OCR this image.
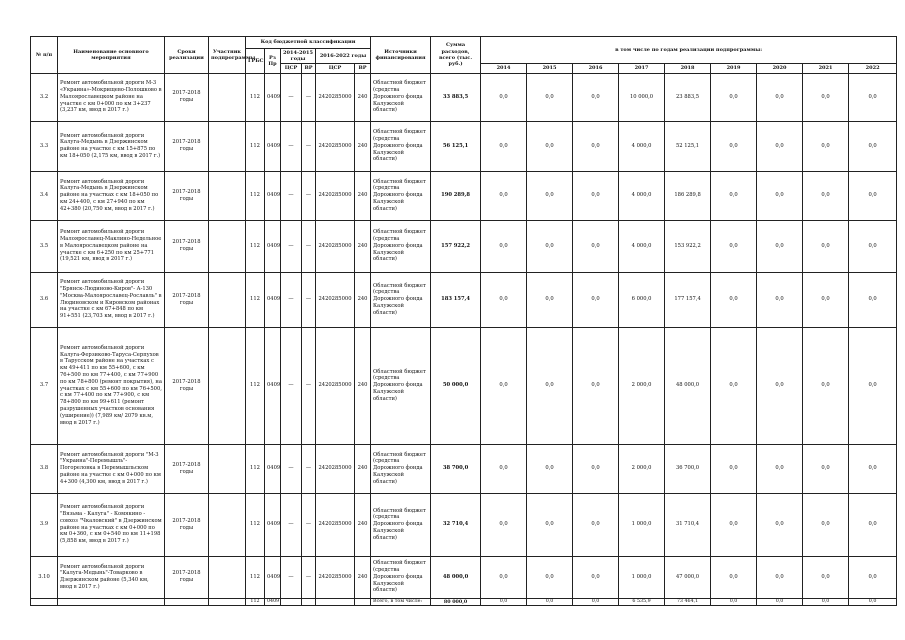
№ п/п	Наименование основного мероприятия	Сроки реализации	Участник подпрограммы	Код бюджетной классификации						Источники финансирования	Сумма расходов, всего (тыс. руб.)	в том числе по годам реализации подпрограммы:								
				ГРБС	Рз Пр	2014-2015 годы		2016-2022 годы												

						ЦСР	ВР	ЦСР	ВР			2014	2015	2016	2017	2018	2019	2020	2021	2022
3.2	Ремонт автомобильной дороги М-3 «Украина»-Мокрищево-Полошково в Малоярославецком районе на участке с км 0+000 по км 3+237 (3,237 км, ввод в 2017 г.)	2017-2018 годы		112	0409	—	—	2420285000	240	Областной бюджет (средства Дорожного фонда Калужской области)	33 883,5	0,0	0,0	0,0	10 000,0	23 883,5	0,0	0,0	0,0	0,0
3.3	Ремонт автомобильной дороги Калуга-Медынь в Дзержинском районе на участке с км 15+875 по км 18+050 (2,175 км, ввод в 2017 г.)	2017-2018 годы		112	0409	—	—	2420285000	240	Областной бюджет (средства Дорожного фонда Калужской области)	56 125,1	0,0	0,0	0,0	4 000,0	52 125,1	0,0	0,0	0,0	0,0
3.4	Ремонт автомобильной дороги Калуга-Медынь в Дзержинском районе на участках с км 18+050 по км 24+400, с км 27+940 по км 42+380 (20,750 км, ввод в 2017 г.)	2017-2018 годы		112	0409	—	—	2420285000	240	Областной бюджет (средства Дорожного фонда Калужской области)	190 289,8	0,0	0,0	0,0	4 000,0	186 289,8	0,0	0,0	0,0	0,0
3.5	Ремонт автомобильной дороги Малоярославец-Маклино-Недельное в Малоярославецком районе на участке с км 6+250 по км 25+771 (19,521 км, ввод в 2017 г.)	2017-2018 годы		112	0409	—	—	2420285000	240	Областной бюджет (средства Дорожного фонда Калужской области)	157 922,2	0,0	0,0	0,0	4 000,0	153 922,2	0,0	0,0	0,0	0,0
3.6	Ремонт автомобильной дороги "Брянск-Людиново-Киров"- А-130 "Москва-Малоярославец-Рославль" в Людиновском и Кировском районах на участке с км 67+848 по км 91+551 (23,703 км, ввод в 2017 г.)	2017-2018 годы		112	0409	—	—	2420285000	240	Областной бюджет (средства Дорожного фонда Калужской области)	183 157,4	0,0	0,0	0,0	6 000,0	177 157,4	0,0	0,0	0,0	0,0
3.7	Ремонт автомобильной дороги Калуга-Ферзиково-Таруса-Серпухов в Тарусском районе на участках с км 49+411 по км 55+600, с км 76+500 по км 77+400, с км 77+900 по км 78+800 (ремонт покрытия), на участках с км 55+600 по км 76+500, с км 77+400 по км 77+900, с км 78+800 по км 99+611 (ремонт разрушенных участков основания (уширение)) (7,989 км/ 2079 кв.м, ввод в 2017 г.)	2017-2018 годы		112	0409	—	—	2420285000	240	Областной бюджет (средства Дорожного фонда Калужской области)	50 000,0	0,0	0,0	0,0	2 000,0	48 000,0	0,0	0,0	0,0	0,0
3.8	Ремонт автомобильной дороги "М-3 "Украина"-Перемышль"-Погореловка в Перемышльском районе на участке с км 0+000 по км 4+300 (4,300 км, ввод в 2017 г.)	2017-2018 годы		112	0409	—	—	2420285000	240	Областной бюджет (средства Дорожного фонда Калужской области)	38 700,0	0,0	0,0	0,0	2 000,0	36 700,0	0,0	0,0	0,0	0,0
3.9	Ремонт автомобильной дороги "Вязьма - Калуга" - Комякино - совхоз "Чкаловский" в Дзержинском районе на участках с км 0+000 по км 0+360, с км 0+540 по км 11+198 (5,858 км, ввод в 2017 г.)	2017-2018 годы		112	0409	—	—	2420285000	240	Областной бюджет (средства Дорожного фонда Калужской области)	32 710,4	0,0	0,0	0,0	1 000,0	31 710,4	0,0	0,0	0,0	0,0
3.10	Ремонт автомобильной дороги "Калуга-Медынь"-Товарково в Дзержинском районе (5,340 км, ввод в 2017 г.)	2017-2018 годы		112	0409	—	—	2420285000	240	Областной бюджет (средства Дорожного фонда Калужской области)	48 000,0	0,0	0,0	0,0	1 000,0	47 000,0	0,0	0,0	0,0	0,0
				112	0409					Всего, в том числе:	80 000,0	0,0	0,0	0,0	6 535,9	73 464,1	0,0	0,0	0,0	0,0
